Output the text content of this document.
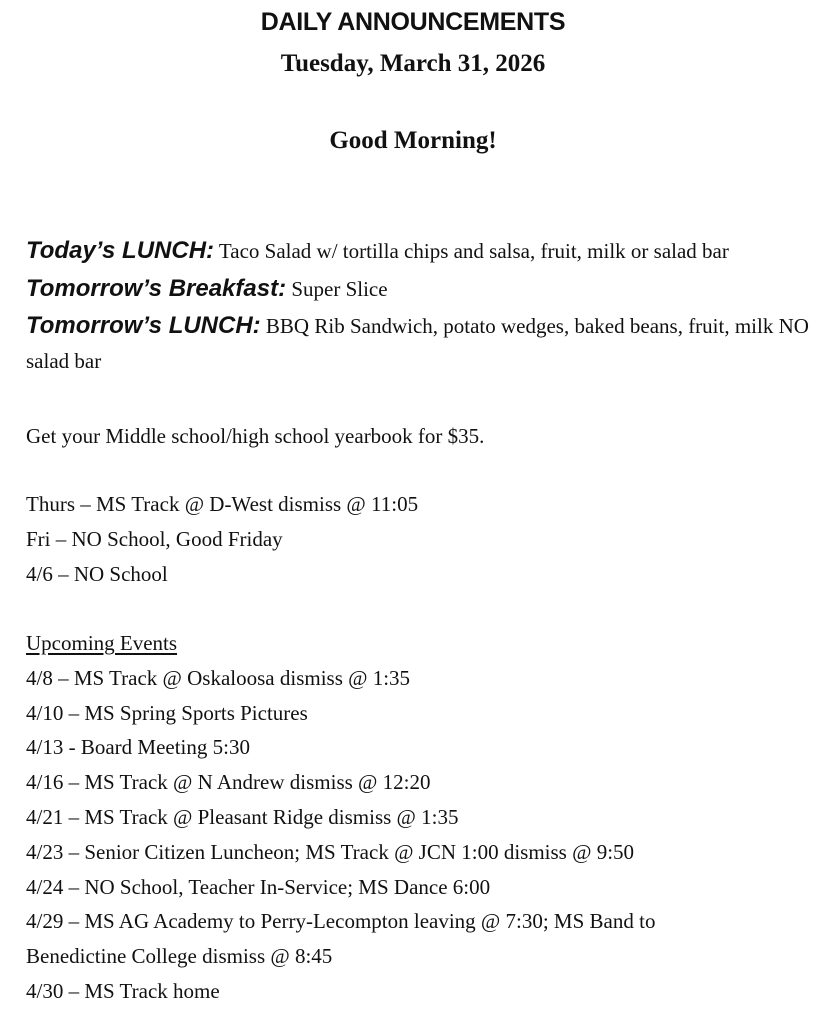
DAILY ANNOUNCEMENTS
Tuesday, March 31, 2026
Good Morning!
Today’s LUNCH: Taco Salad w/ tortilla chips and salsa, fruit, milk or salad bar
Tomorrow’s Breakfast: Super Slice
Tomorrow’s LUNCH: BBQ Rib Sandwich, potato wedges, baked beans, fruit, milk NO salad bar
Get your Middle school/high school yearbook for $35.
Thurs – MS Track @ D-West dismiss @ 11:05
Fri – NO School, Good Friday
4/6 – NO School
Upcoming Events
4/8 – MS Track @ Oskaloosa dismiss @ 1:35
4/10 – MS Spring Sports Pictures
4/13 - Board Meeting 5:30
4/16 – MS Track @ N Andrew dismiss @ 12:20
4/21 – MS Track @ Pleasant Ridge dismiss @ 1:35
4/23 – Senior Citizen Luncheon; MS Track @ JCN 1:00 dismiss @ 9:50
4/24 – NO School, Teacher In-Service; MS Dance 6:00
4/29 – MS AG Academy to Perry-Lecompton leaving @ 7:30; MS Band to
Benedictine College dismiss @ 8:45
4/30 – MS Track home
